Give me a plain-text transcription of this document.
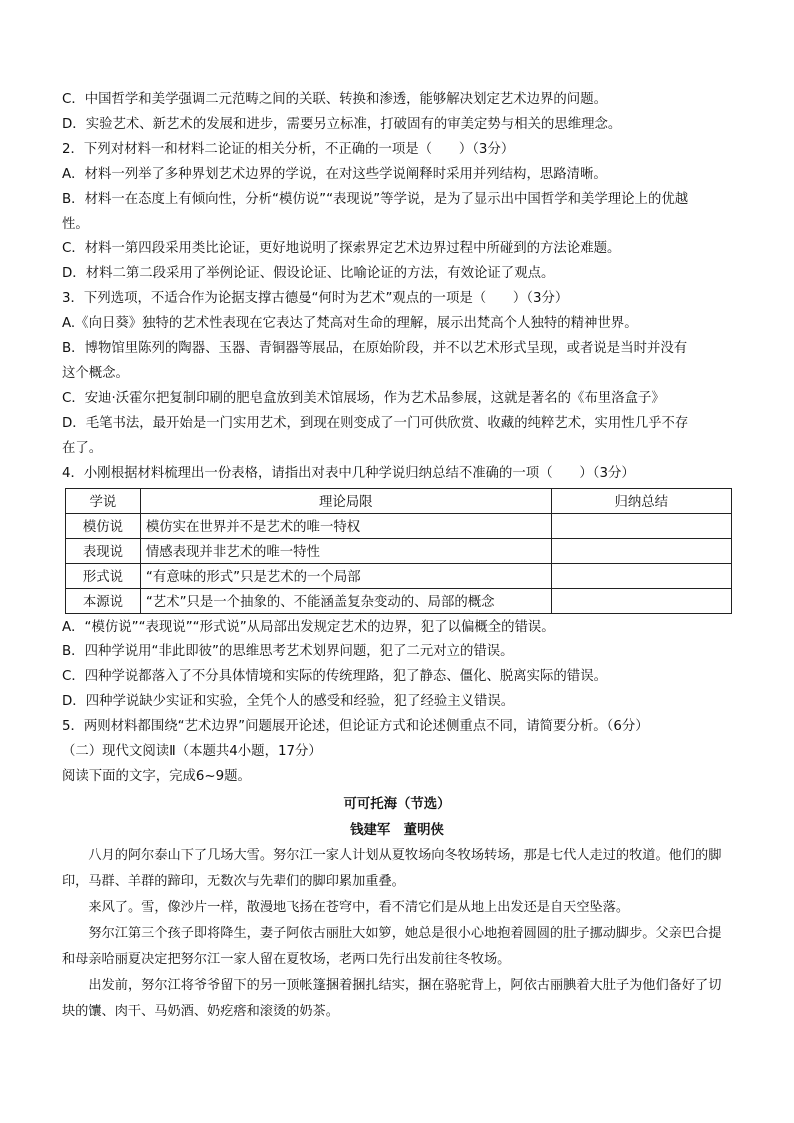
C．中国哲学和美学强调二元范畴之间的关联、转换和渗透，能够解决划定艺术边界的问题。
D．实验艺术、新艺术的发展和进步，需要另立标准，打破固有的审美定势与相关的思维理念。
2．下列对材料一和材料二论证的相关分析，不正确的一项是（　　）（3分）
A．材料一列举了多种界划艺术边界的学说，在对这些学说阐释时采用并列结构，思路清晰。
B．材料一在态度上有倾向性，分析“模仿说”“表现说”等学说，是为了显示出中国哲学和美学理论上的优越
性。
C．材料一第四段采用类比论证，更好地说明了探索界定艺术边界过程中所碰到的方法论难题。
D．材料二第二段采用了举例论证、假设论证、比喻论证的方法，有效论证了观点。
3．下列选项，不适合作为论据支撑古德曼“何时为艺术”观点的一项是（　　）（3分）
A.《向日葵》独特的艺术性表现在它表达了梵高对生命的理解，展示出梵高个人独特的精神世界。
B．博物馆里陈列的陶器、玉器、青铜器等展品，在原始阶段，并不以艺术形式呈现，或者说是当时并没有
这个概念。
C．安迪·沃霍尔把复制印刷的肥皂盒放到美术馆展场，作为艺术品参展，这就是著名的《布里洛盒子》
D．毛笔书法，最开始是一门实用艺术，到现在则变成了一门可供欣赏、收藏的纯粹艺术，实用性几乎不存
在了。
4．小刚根据材料梳理出一份表格，请指出对表中几种学说归纳总结不准确的一项（　　）（3分）
学说	理论局限	归纳总结
模仿说	模仿实在世界并不是艺术的唯一特权	
表现说	情感表现并非艺术的唯一特性	
形式说	“有意味的形式”只是艺术的一个局部	
本源说	“艺术”只是一个抽象的、不能涵盖复杂变动的、局部的概念	
A．“模仿说”“表现说”“形式说”从局部出发规定艺术的边界，犯了以偏概全的错误。
B．四种学说用“非此即彼”的思维思考艺术划界问题，犯了二元对立的错误。
C．四种学说都落入了不分具体情境和实际的传统理路，犯了静态、僵化、脱离实际的错误。
D．四种学说缺少实证和实验，全凭个人的感受和经验，犯了经验主义错误。
5．两则材料都围绕“艺术边界”问题展开论述，但论证方式和论述侧重点不同，请简要分析。（6分）
（二）现代文阅读Ⅱ（本题共4小题，17分）
阅读下面的文字，完成6~9题。
可可托海（节选）
钱建军　董明侠

八月的阿尔泰山下了几场大雪。努尔江一家人计划从夏牧场向冬牧场转场，那是七代人走过的牧道。他们的脚印，马群、羊群的蹄印，无数次与先辈们的脚印累加重叠。

来风了。雪，像沙片一样，散漫地飞扬在苍穹中，看不清它们是从地上出发还是自天空坠落。

努尔江第三个孩子即将降生，妻子阿依古丽肚大如箩，她总是很小心地抱着圆圆的肚子挪动脚步。父亲巴合提和母亲哈丽夏决定把努尔江一家人留在夏牧场，老两口先行出发前往冬牧场。

出发前，努尔江将爷爷留下的另一顶帐篷捆着捆扎结实，捆在骆驼背上，阿依古丽腆着大肚子为他们备好了切块的馕、肉干、马奶酒、奶疙瘩和滚烫的奶茶。
